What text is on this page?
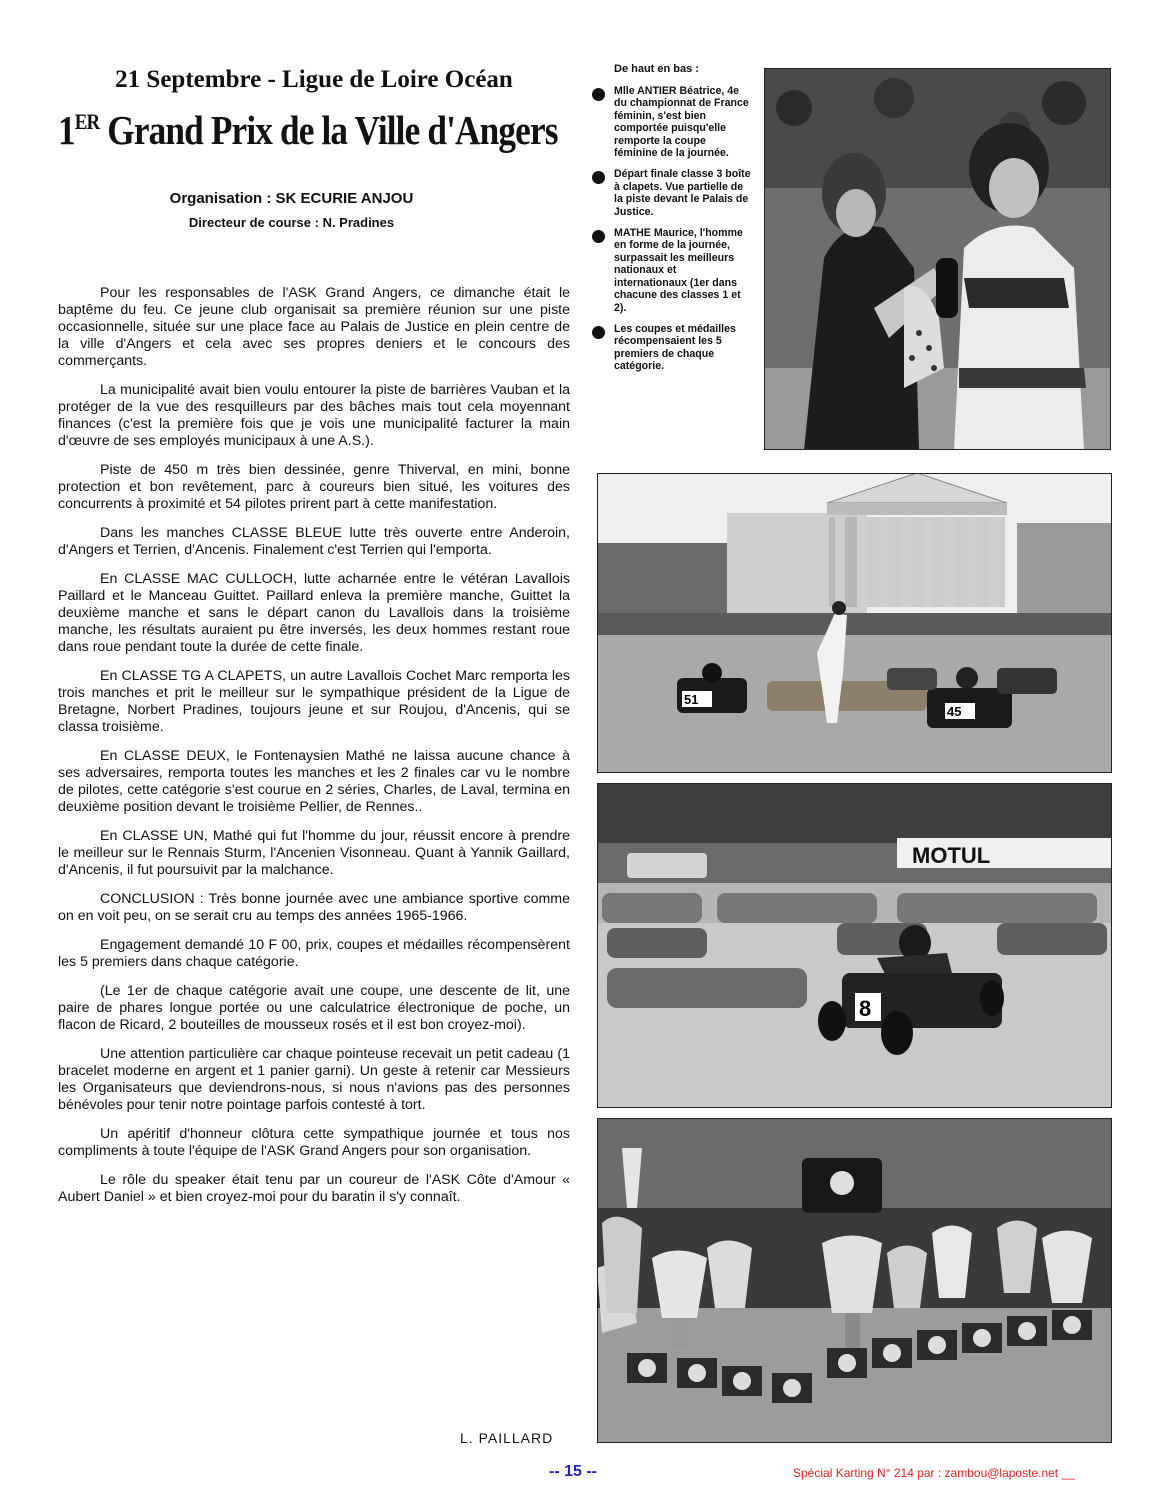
21 Septembre - Ligue de Loire Océan
1ER Grand Prix de la Ville d'Angers
Organisation : SK ECURIE ANJOU
Directeur de course : N. Pradines

Pour les responsables de l'ASK Grand Angers, ce dimanche était le baptême du feu. Ce jeune club organisait sa première réunion sur une piste occasionnelle, située sur une place face au Palais de Justice en plein centre de la ville d'Angers et cela avec ses propres deniers et le concours des commerçants.

La municipalité avait bien voulu entourer la piste de barrières Vauban et la protéger de la vue des resquilleurs par des bâches mais tout cela moyennant finances (c'est la première fois que je vois une municipalité facturer la main d'œuvre de ses employés municipaux à une A.S.).

Piste de 450 m très bien dessinée, genre Thiverval, en mini, bonne protection et bon revêtement, parc à coureurs bien situé, les voitures des concurrents à proximité et 54 pilotes prirent part à cette manifestation.

Dans les manches CLASSE BLEUE lutte très ouverte entre Anderoin, d'Angers et Terrien, d'Ancenis. Finalement c'est Terrien qui l'emporta.

En CLASSE MAC CULLOCH, lutte acharnée entre le vétéran Lavallois Paillard et le Manceau Guittet. Paillard enleva la première manche, Guittet la deuxième manche et sans le départ canon du Lavallois dans la troisième manche, les résultats auraient pu être inversés, les deux hommes restant roue dans roue pendant toute la durée de cette finale.

En CLASSE TG A CLAPETS, un autre Lavallois Cochet Marc remporta les trois manches et prit le meilleur sur le sympathique président de la Ligue de Bretagne, Norbert Pradines, toujours jeune et sur Roujou, d'Ancenis, qui se classa troisième.

En CLASSE DEUX, le Fontenaysien Mathé ne laissa aucune chance à ses adversaires, remporta toutes les manches et les 2 finales car vu le nombre de pilotes, cette catégorie s'est courue en 2 séries, Charles, de Laval, termina en deuxième position devant le troisième Pellier, de Rennes..

En CLASSE UN, Mathé qui fut l'homme du jour, réussit encore à prendre le meilleur sur le Rennais Sturm, l'Ancenien Visonneau. Quant à Yannik Gaillard, d'Ancenis, il fut poursuivit par la malchance.

CONCLUSION : Très bonne journée avec une ambiance sportive comme on en voit peu, on se serait cru au temps des années 1965-1966.

Engagement demandé 10 F 00, prix, coupes et médailles récompensèrent les 5 premiers dans chaque catégorie.

(Le 1er de chaque catégorie avait une coupe, une descente de lit, une paire de phares longue portée ou une calculatrice électronique de poche, un flacon de Ricard, 2 bouteilles de mousseux rosés et il est bon croyez-moi).

Une attention particulière car chaque pointeuse recevait un petit cadeau (1 bracelet moderne en argent et 1 panier garni). Un geste à retenir car Messieurs les Organisateurs que deviendrons-nous, si nous n'avions pas des personnes bénévoles pour tenir notre pointage parfois contesté à tort.

Un apéritif d'honneur clôtura cette sympathique journée et tous nos compliments à toute l'équipe de l'ASK Grand Angers pour son organisation.

Le rôle du speaker était tenu par un coureur de l'ASK Côte d'Amour « Aubert Daniel » et bien croyez-moi pour du baratin il s'y connaît.

L. PAILLARD
De haut en bas :
Mlle ANTIER Béatrice, 4e du championnat de France féminin, s'est bien comportée puisqu'elle remporte la coupe féminine de la journée.
Départ finale classe 3 boîte à clapets. Vue partielle de la piste devant le Palais de Justice.
MATHE Maurice, l'homme en forme de la journée, surpassait les meilleurs nationaux et internationaux (1er dans chacune des classes 1 et 2).
Les coupes et médailles récompensaient les 5 premiers de chaque catégorie.
51
45
MOTUL
8
-- 15 --	Spécial Karting N° 214 par : zambou@laposte.net __
